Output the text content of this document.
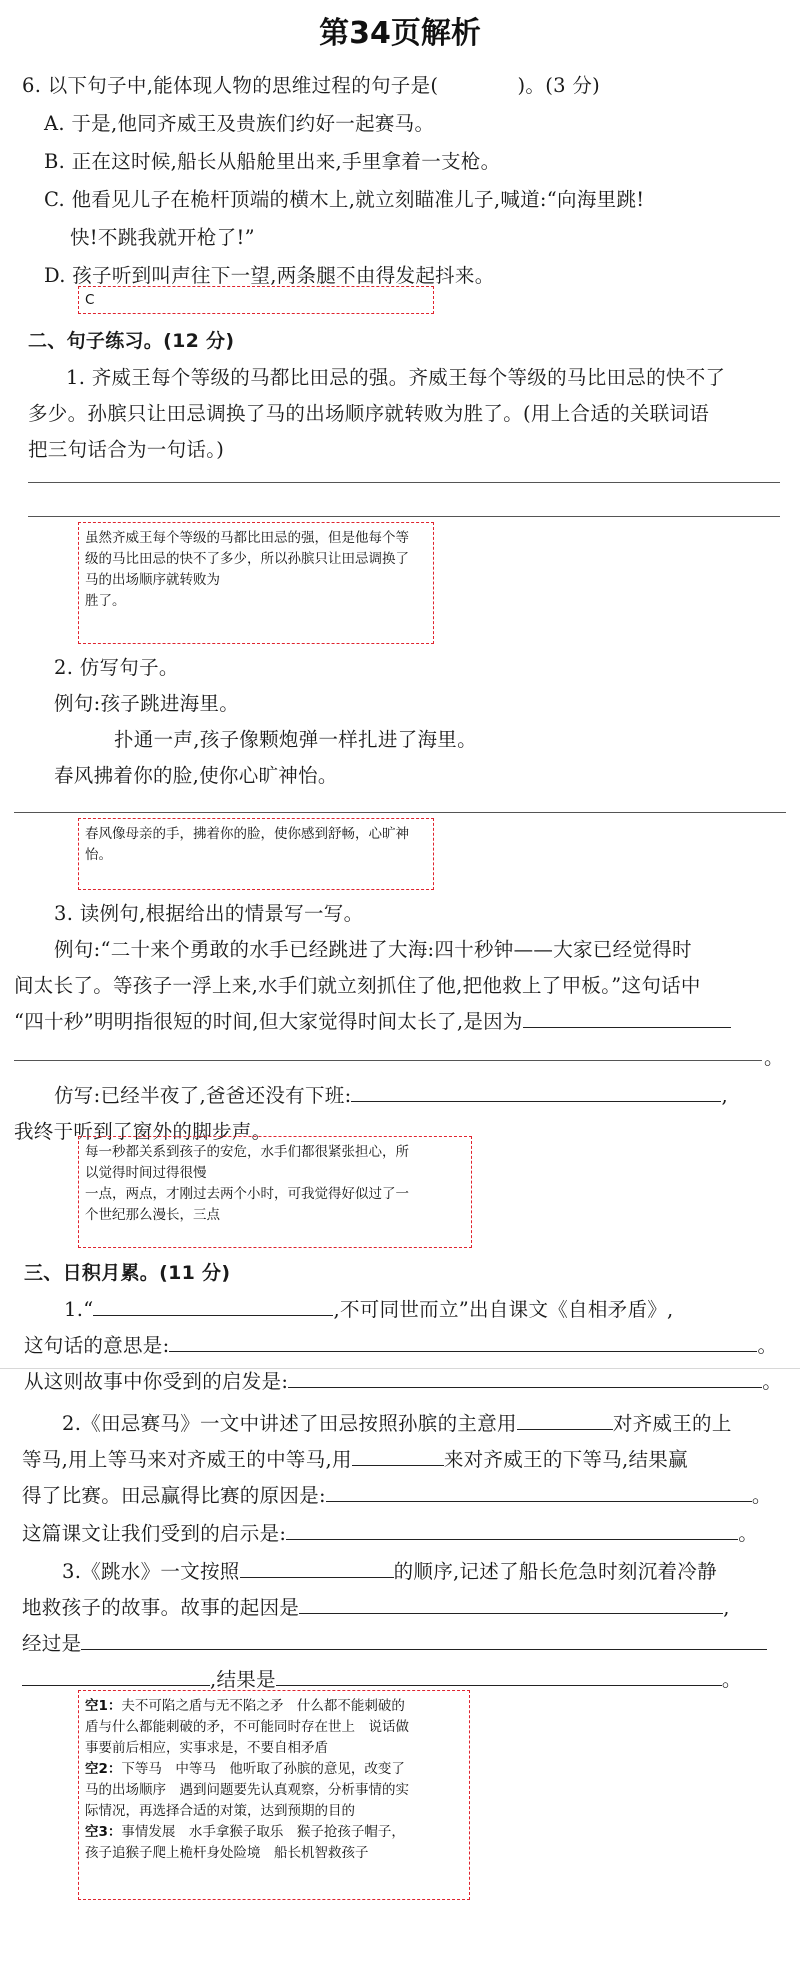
第34页解析
6. 以下句子中,能体现人物的思维过程的句子是(　　　　)。(3 分)
A. 于是,他同齐威王及贵族们约好一起赛马。
B. 正在这时候,船长从船舱里出来,手里拿着一支枪。
C. 他看见儿子在桅杆顶端的横木上,就立刻瞄准儿子,喊道:“向海里跳!
快!不跳我就开枪了!”
D. 孩子听到叫声往下一望,两条腿不由得发起抖来。

C

二、句子练习。(12 分)
1. 齐威王每个等级的马都比田忌的强。齐威王每个等级的马比田忌的快不了
多少。孙膑只让田忌调换了马的出场顺序就转败为胜了。(用上合适的关联词语
把三句话合为一句话。)

虽然齐威王每个等级的马都比田忌的强，但是他每个等

级的马比田忌的快不了多少，所以孙膑只让田忌调换了

马的出场顺序就转败为

胜了。

2. 仿写句子。
例句:孩子跳进海里。
扑通一声,孩子像颗炮弹一样扎进了海里。
春风拂着你的脸,使你心旷神怡。

春风像母亲的手，拂着你的脸，使你感到舒畅，心旷神

怡。

3. 读例句,根据给出的情景写一写。
例句:“二十来个勇敢的水手已经跳进了大海:四十秒钟——大家已经觉得时
间太长了。等孩子一浮上来,水手们就立刻抓住了他,把他救上了甲板。”这句话中
“四十秒”明明指很短的时间,但大家觉得时间太长了,是因为
。
仿写:已经半夜了,爸爸还没有下班:	,
我终于听到了窗外的脚步声。

每一秒都关系到孩子的安危，水手们都很紧张担心，所

以觉得时间过得很慢

一点，两点，才刚过去两个小时，可我觉得好似过了一

个世纪那么漫长，三点

三、日积月累。(11 分)
1.“	,不可同世而立”出自课文《自相矛盾》,
这句话的意思是:	。
从这则故事中你受到的启发是:	。
2.《田忌赛马》一文中讲述了田忌按照孙膑的主意用	对齐威王的上
等马,用上等马来对齐威王的中等马,用	来对齐威王的下等马,结果赢
得了比赛。田忌赢得比赛的原因是:	。
这篇课文让我们受到的启示是:	。
3.《跳水》一文按照	的顺序,记述了船长危急时刻沉着冷静
地救孩子的故事。故事的起因是	,
经过是
,结果是	。

空1：夫不可陷之盾与无不陷之矛　什么都不能刺破的

盾与什么都能刺破的矛，不可能同时存在世上　说话做

事要前后相应，实事求是，不要自相矛盾

空2：下等马　中等马　他听取了孙膑的意见，改变了

马的出场顺序　遇到问题要先认真观察，分析事情的实

际情况，再选择合适的对策，达到预期的目的

空3：事情发展　水手拿猴子取乐　猴子抢孩子帽子，

孩子追猴子爬上桅杆身处险境　船长机智救孩子
